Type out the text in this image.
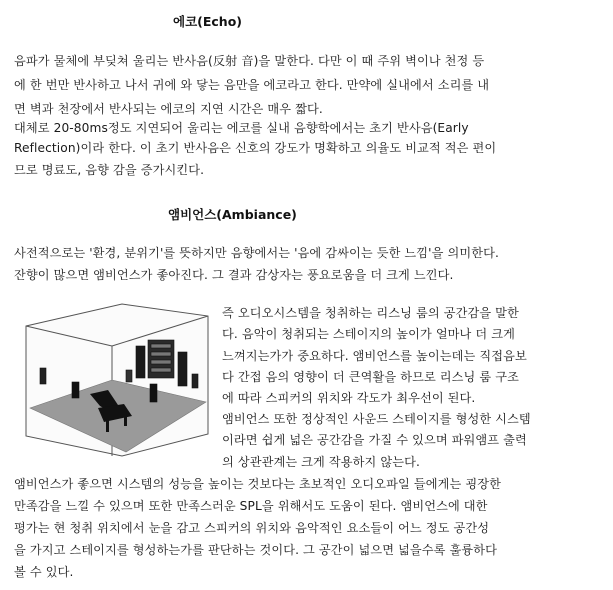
에코(Echo)
음파가 물체에 부딪쳐 울리는 반사음(反射 音)을 말한다. 다만 이 때 주위 벽이나 천정 등
에 한 번만 반사하고 나서 귀에 와 닿는 음만을 에코라고 한다. 만약에 실내에서 소리를 내
면 벽과 천장에서 반사되는 에코의 지연 시간은 매우 짧다.
대체로 20-80ms정도 지연되어 울리는 에코를 실내 음향학에서는 초기 반사음(Early
Reflection)이라 한다. 이 초기 반사음은 신호의 강도가 명확하고 의율도 비교적 적은 편이
므로 명료도, 음향 감을 증가시킨다.
앰비언스(Ambiance)
사전적으로는 '환경, 분위기'를 뜻하지만 음향에서는 '음에 감싸이는 듯한 느낌'을 의미한다.
잔향이 많으면 앰비언스가 좋아진다. 그 결과 감상자는 풍요로움을 더 크게 느낀다.
즉 오디오시스템을 청취하는 리스닝 룸의 공간감을 말한
다. 음악이 청취되는 스테이지의 높이가 얼마나 더 크게
느껴지는가가 중요하다. 앰비언스를 높이는데는 직접음보
다 간접 음의 영향이 더 큰역활을 하므로 리스닝 룸 구조
에 따라 스피커의 위치와 각도가 최우선이 된다.
앰비언스 또한 정상적인 사운드 스테이지를 형성한 시스템
이라면 쉽게 넓은 공간감을 가질 수 있으며 파워앰프 출력
의 상관관계는 크게 작용하지 않는다.
앰비언스가 좋으면 시스템의 성능을 높이는 것보다는 초보적인 오디오파일 들에게는 굉장한
만족감을 느낄 수 있으며 또한 만족스러운 SPL을 위해서도 도움이 된다. 앰비언스에 대한
평가는 현 청취 위치에서 눈을 감고 스피커의 위치와 음악적인 요소들이 어느 정도 공간성
을 가지고 스테이지를 형성하는가를 판단하는 것이다. 그 공간이 넓으면 넓을수록 훌륭하다
볼 수 있다.
